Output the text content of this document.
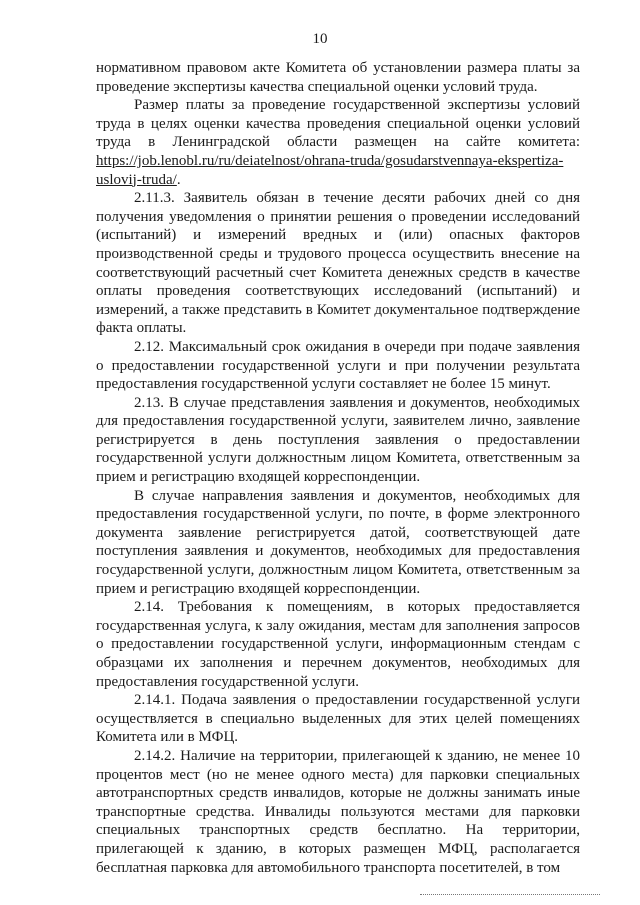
10

нормативном правовом акте Комитета об установлении размера платы за проведение экспертизы качества специальной оценки условий труда.

Размер платы за проведение государственной экспертизы условий труда в целях оценки качества проведения специальной оценки условий труда в Ленинградской области размещен на сайте комитета: https://job.lenobl.ru/ru/deiatelnost/ohrana-truda/gosudarstvennaya-ekspertiza-uslovij-truda/.

2.11.3. Заявитель обязан в течение десяти рабочих дней со дня получения уведомления о принятии решения о проведении исследований (испытаний) и измерений вредных и (или) опасных факторов производственной среды и трудового процесса осуществить внесение на соответствующий расчетный счет Комитета денежных средств в качестве оплаты проведения соответствующих исследований (испытаний) и измерений, а также представить в Комитет документальное подтверждение факта оплаты.

2.12. Максимальный срок ожидания в очереди при подаче заявления о предоставлении государственной услуги и при получении результата предоставления государственной услуги составляет не более 15 минут.

2.13. В случае представления заявления и документов, необходимых для предоставления государственной услуги, заявителем лично, заявление регистрируется в день поступления заявления о предоставлении государственной услуги должностным лицом Комитета, ответственным за прием и регистрацию входящей корреспонденции.

В случае направления заявления и документов, необходимых для предоставления государственной услуги, по почте, в форме электронного документа заявление регистрируется датой, соответствующей дате поступления заявления и документов, необходимых для предоставления государственной услуги, должностным лицом Комитета, ответственным за прием и регистрацию входящей корреспонденции.

2.14. Требования к помещениям, в которых предоставляется государственная услуга, к залу ожидания, местам для заполнения запросов о предоставлении государственной услуги, информационным стендам с образцами их заполнения и перечнем документов, необходимых для предоставления государственной услуги.

2.14.1. Подача заявления о предоставлении государственной услуги осуществляется в специально выделенных для этих целей помещениях Комитета или в МФЦ.

2.14.2. Наличие на территории, прилегающей к зданию, не менее 10 процентов мест (но не менее одного места) для парковки специальных автотранспортных средств инвалидов, которые не должны занимать иные транспортные средства. Инвалиды пользуются местами для парковки специальных транспортных средств бесплатно. На территории, прилегающей к зданию, в которых размещен МФЦ, располагается бесплатная парковка для автомобильного транспорта посетителей, в том
